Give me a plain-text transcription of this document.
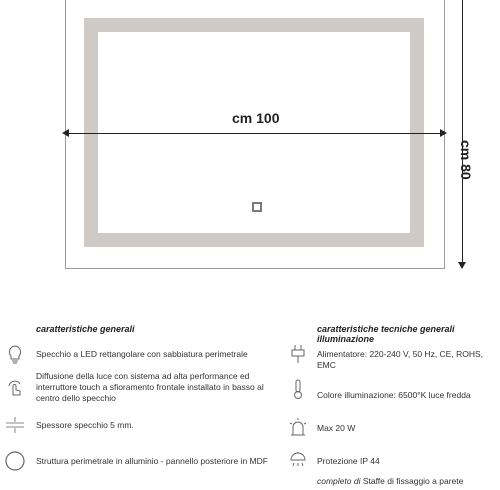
cm 100
cm 80
caratteristiche generali
Specchio a LED rettangolare con sabbiatura perimetrale
Diffusione della luce con sistema ad alta performance ed interruttore touch a sfioramento frontale installato in basso al centro dello specchio
Spessore specchio 5 mm.
Struttura perimetrale in alluminio - pannello posteriore in MDF
caratteristiche tecniche generali illuminazione
Alimentatore: 220-240 V, 50 Hz, CE, ROHS, EMC
Colore illuminazione: 6500°K luce fredda
Max 20 W
Protezione IP 44
completo di Staffe di fissaggio a parete
